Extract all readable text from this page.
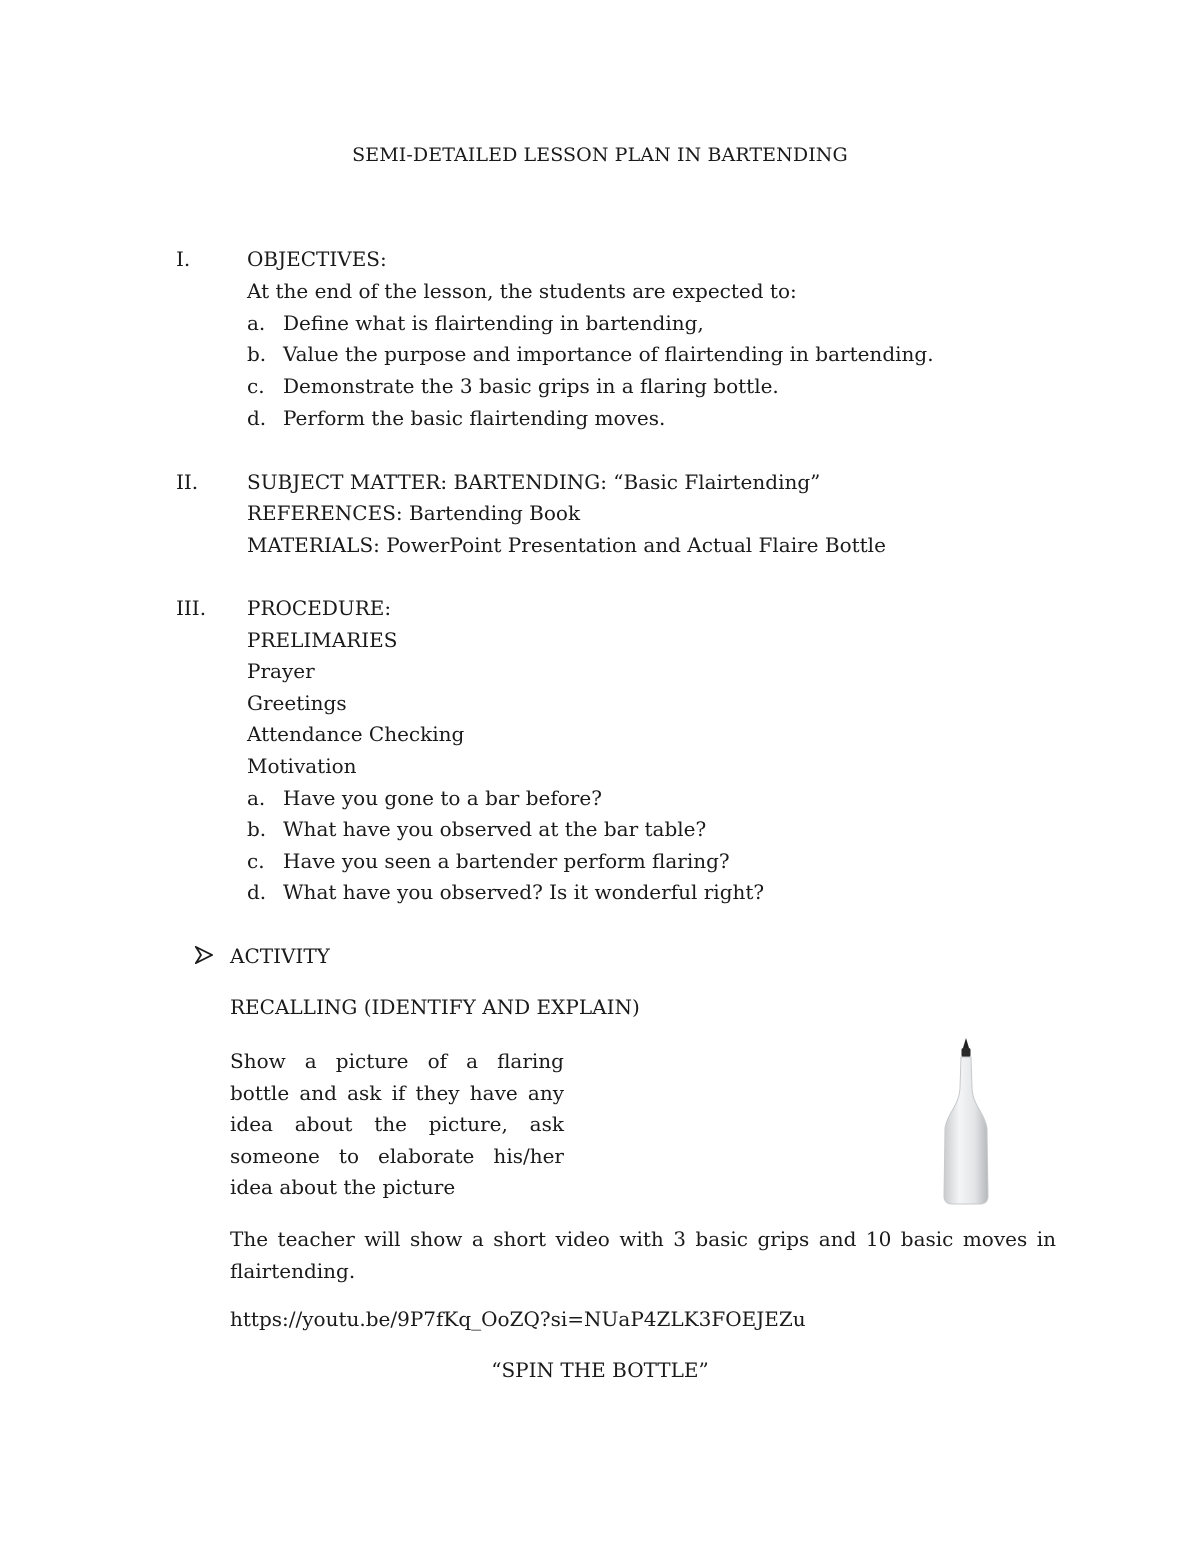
SEMI-DETAILED LESSON PLAN IN BARTENDING
I.	OBJECTIVES:
At the end of the lesson, the students are expected to:
a. Define what is flairtending in bartending,
b. Value the purpose and importance of flairtending in bartending.
c. Demonstrate the 3 basic grips in a flaring bottle.
d. Perform the basic flairtending moves.
II. SUBJECT MATTER: BARTENDING: “Basic Flairtending”
REFERENCES: Bartending Book
MATERIALS: PowerPoint Presentation and Actual Flaire Bottle
III. PROCEDURE:
PRELIMARIES
Prayer
Greetings
Attendance Checking
Motivation
a. Have you gone to a bar before?
b. What have you observed at the bar table?
c. Have you seen a bartender perform flaring?
d. What have you observed? Is it wonderful right?
ACTIVITY
RECALLING (IDENTIFY AND EXPLAIN)
Show a picture of a flaring bottle and ask if they have any idea about the picture, ask someone to elaborate his/her idea about the picture
The teacher will show a short video with 3 basic grips and 10 basic moves in flairtending.
https://youtu.be/9P7fKq_OoZQ?si=NUaP4ZLK3FOEJEZu
“SPIN THE BOTTLE”
